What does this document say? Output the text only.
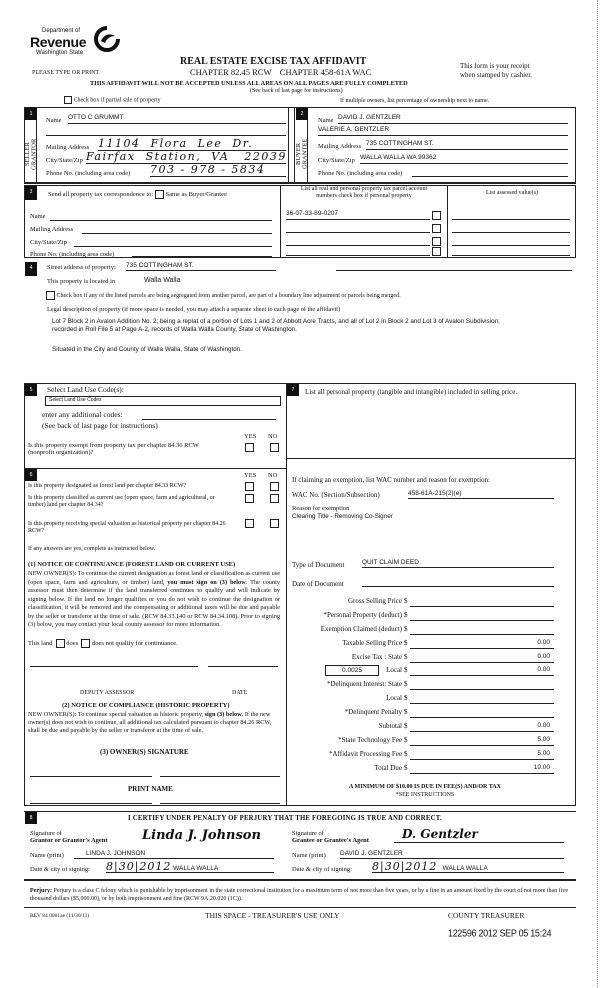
Department of
Revenue
Washington State
PLEASE TYPE OR PRINT
REAL ESTATE EXCISE TAX AFFIDAVIT
CHAPTER 82.45 RCW    CHAPTER 458-61A WAC
This form is your receipt
when stamped by cashier.
THIS AFFIDAVIT WILL NOT BE ACCEPTED UNLESS ALL AREAS ON ALL PAGES ARE FULLY COMPLETED
(See back of last page for instructions)
Check box if partial sale of property	If multiple owners, list percentage of ownership next to name.
1
SELLER
GRANTOR
Name OTTO C GRUMMT
Mailing Address 11104  Flora  Lee  Dr.
City/State/Zip Fairfax  Station,  VA   22039
Phone No. (including area code) 703 - 978 - 5834
2
BUYER
GRANTEE
Name DAVID J. GENTZLER
VALERIE A. GENTZLER
Mailing Address 735 COTTINGHAM ST.
City/State/Zip WALLA WALLA WA 99362
Phone No. (including area code)
3	Send all property tax correspondence to: Same as Buyer/Grantee
Name
Mailing Address
City/State/Zip
Phone No. (including area code)
List all real and personal property tax parcel account
numbers check box if personal property	List assessed value(s)
36-07-33-89-0207
4	Street address of property: 735 COTTINGHAM ST.
This property is located in	Walla Walla
Check box if any of the listed parcels are being segregated from another parcel, are part of a boundary line adjustment or parcels being merged.
Legal description of property (if more space is needed, you may attach a separate sheet to each page of the affidavit)
Lot 7 Block 2 in Avalon Addition No. 2; being a replat of a portion of Lots 1 and 2 of Abbott Acre Tracts, and all of Lot 2 in Block 2 and Lot 3 of Avalon Subdivision; recorded in Roll File 5 at Page A-2, records of Walla Walla County, State of Washington.
Situated in the City and County of Walla Walla, State of Washington.
5	Select Land Use Code(s):
Select Land Use Codes
enter any additional codes:
(See back of last page for instructions)
YES NO
Is this property exempt from property tax per chapter 84.36 RCW (nonprofit organization)?
6	YES NO
Is this property designated as forest land per chapter 84.33 RCW?
Is this property classified as current use (open space, farm and agricultural, or timber) land per chapter 84.34?
Is this property receiving special valuation as historical property per chapter 84.26 RCW?
If any answers are yes, complete as instructed below.
(1) NOTICE OF CONTINUANCE (FOREST LAND OR CURRENT USE)
NEW OWNER(S): To continue the current designation as forest land or classification as current use (open space, farm and agriculture, or timber) land, you must sign on (3) below. The county assessor must then determine if the land transferred continues to qualify and will indicate by signing below. If the land no longer qualifies or you do not wish to continue the designation or classification, it will be removed and the compensating or additional taxes will be due and payable by the seller or transferor at the time of sale. (RCW 84.33.140 or RCW 84.34.108). Prior to signing (3) below, you may contact your local county assessor for more information.
This land does does not qualify for continuance.
DEPUTY ASSESSOR	DATE
(2) NOTICE OF COMPLIANCE (HISTORIC PROPERTY)
NEW OWNER(S): To continue special valuation as historic property, sign (3) below. If the new owner(s) does not wish to continue, all additional tax calculated pursuant to chapter 84.26 RCW, shall be due and payable by the seller or transferor at the time of sale.
(3) OWNER(S) SIGNATURE
PRINT NAME
7	List all personal property (tangible and intangible) included in selling price.
If claiming an exemption, list WAC number and reason for exemption:
WAC No. (Section/Subsection)	458-61A-215(2)(e)
Reason for exemption
Clearing Title - Removing Co-Signer
Type of Document	QUIT CLAIM DEED
Date of Document
0.0025
Gross Selling Price $
*Personal Property (deduct) $
Exemption Claimed (deduct) $
Taxable Selling Price $	0.00
Excise Tax : State $	0.00
Local $	0.00
*Delinquent Interest: State $
Local $
*Delinquent Penalty $
Subtotal $	0.00
*State Technology Fee $	5.00
*Affidavit Processing Fee $	5.00
Total Due $	10.00
A MINIMUM OF $10.00 IS DUE IN FEE(S) AND/OR TAX
*SEE INSTRUCTIONS
8	I CERTIFY UNDER PENALTY OF PERJURY THAT THE FOREGOING IS TRUE AND CORRECT.
Signature of
Grantor or Grantor's Agent	Linda J. Johnson
Name (print)	LINDA J. JOHNSON
Date & city of signing: 8|30|2012 WALLA WALLA
Signature of
Grantee or Grantee's Agent	D. Gentzler
Name (print) DAVID J. GENTZLER
Date & city of signing: 8|30|2012 WALLA WALLA
Perjury: Perjury is a class C felony which is punishable by imprisonment in the state correctional institution for a maximum term of not more than five years, or by a fine in an amount fixed by the court of not more than five thousand dollars ($5,000.00), or by both imprisonment and fine (RCW 9A.20.020 (1C)).
REV 84 0001ae (11/30/11)	THIS SPACE - TREASURER'S USE ONLY	COUNTY TREASURER
122596 2012 SEP 05 15:24
